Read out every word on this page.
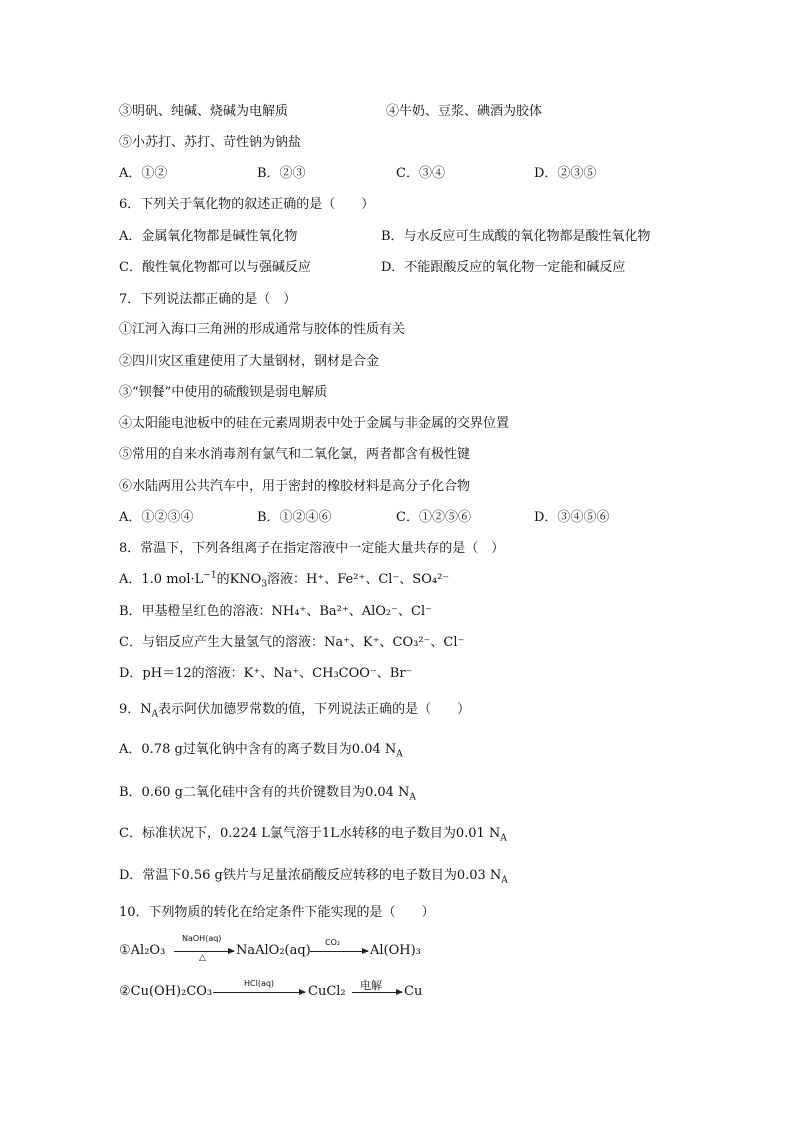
③明矾、纯碱、烧碱为电解质	④牛奶、豆浆、碘酒为胶体
⑤小苏打、苏打、苛性钠为钠盐
A．①②	B．②③	C．③④	D．②③⑤
6．下列关于氧化物的叙述正确的是（　　）
A．金属氧化物都是碱性氧化物	B．与水反应可生成酸的氧化物都是酸性氧化物
C．酸性氧化物都可以与强碱反应	D．不能跟酸反应的氧化物一定能和碱反应
7．下列说法都正确的是（　）
①江河入海口三角洲的形成通常与胶体的性质有关
②四川灾区重建使用了大量钢材，钢材是合金
③“钡餐”中使用的硫酸钡是弱电解质
④太阳能电池板中的硅在元素周期表中处于金属与非金属的交界位置
⑤常用的自来水消毒剂有氯气和二氧化氯，两者都含有极性键
⑥水陆两用公共汽车中，用于密封的橡胶材料是高分子化合物
A．①②③④	B．①②④⑥	C．①②⑤⑥	D．③④⑤⑥
8．常温下，下列各组离子在指定溶液中一定能大量共存的是（　）
A．1.0 $mol\cdot L^{-1}$的$KNO_3$溶液：H⁺、Fe²⁺、Cl⁻、SO₄²⁻
B．甲基橙呈红色的溶液：NH₄⁺、Ba²⁺、AlO₂⁻、Cl⁻
C．与铝反应产生大量氢气的溶液：Na⁺、K⁺、CO₃²⁻、Cl⁻
D．pH＝12的溶液：K⁺、Na⁺、CH₃COO⁻、Br⁻
9．$N_A$表示阿伏加德罗常数的值，下列说法正确的是（　　）
A．0.78 g过氧化钠中含有的离子数目为0.04 $N_A$
B．0.60 g二氧化硅中含有的共价键数目为0.04 $N_A$
C．标准状况下，0.224 L氯气溶于1L水转移的电子数目为0.01 $N_A$
D．常温下0.56 g铁片与足量浓硝酸反应转移的电子数目为0.03 $N_A$
10．下列物质的转化在给定条件下能实现的是（　　）
①Al₂O₃
NaOH(aq)
△ NaAlO₂(aq)
CO₂
Al(OH)₃
②Cu(OH)₂CO₃
HCl(aq)
CuCl₂ 电解 Cu
